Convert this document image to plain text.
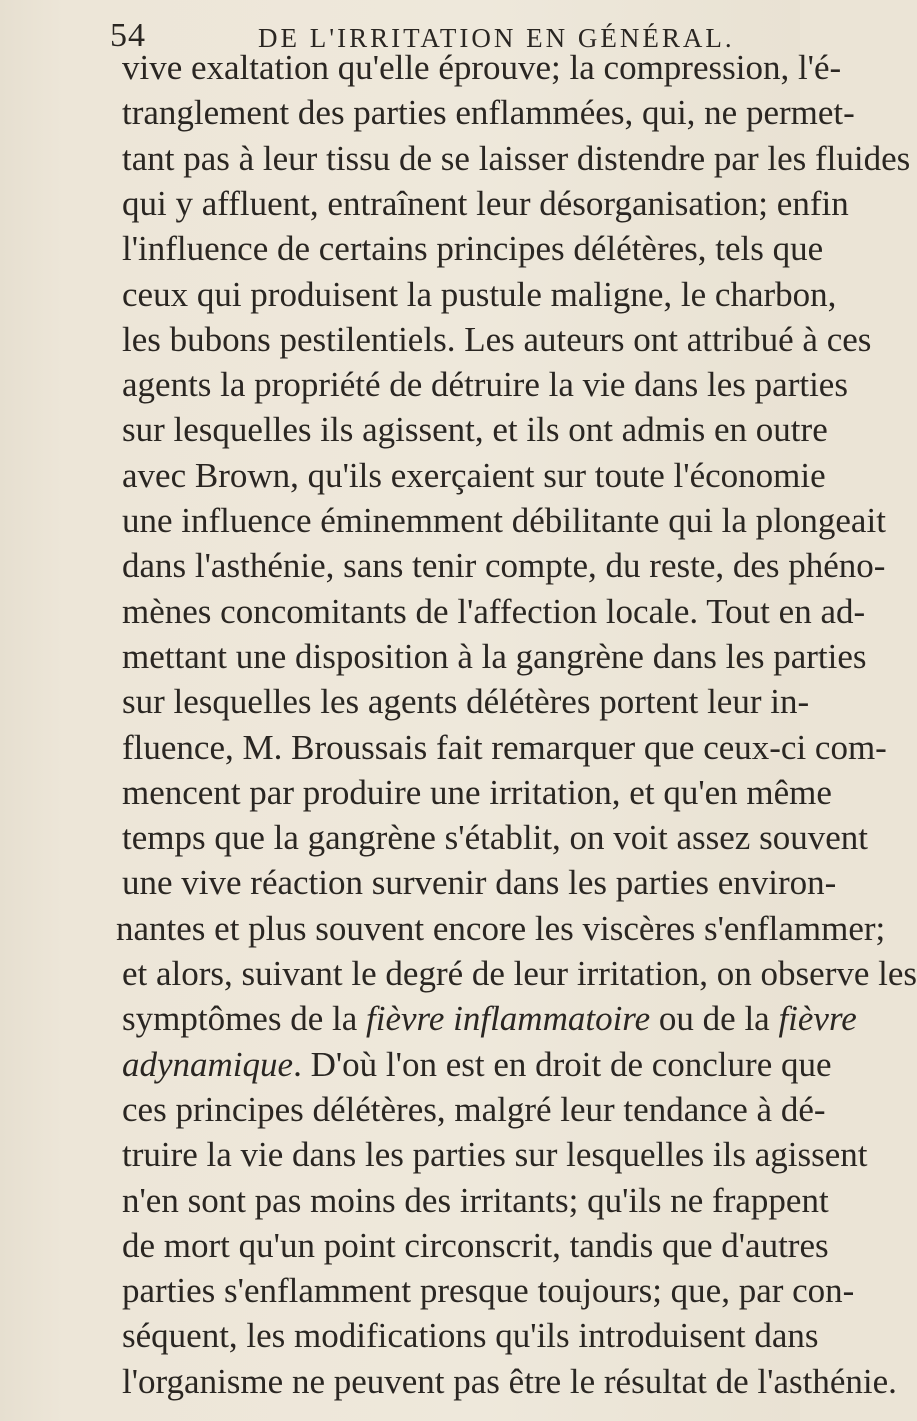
54	DE L'IRRITATION EN GÉNÉRAL.
vive exaltation qu'elle éprouve; la compression, l'é-
tranglement des parties enflammées, qui, ne permet-
tant pas à leur tissu de se laisser distendre par les fluides
qui y affluent, entraînent leur désorganisation; enfin
l'influence de certains principes délétères, tels que
ceux qui produisent la pustule maligne, le charbon,
les bubons pestilentiels. Les auteurs ont attribué à ces
agents la propriété de détruire la vie dans les parties
sur lesquelles ils agissent, et ils ont admis en outre
avec Brown, qu'ils exerçaient sur toute l'économie
une influence éminemment débilitante qui la plongeait
dans l'asthénie, sans tenir compte, du reste, des phéno-
mènes concomitants de l'affection locale. Tout en ad-
mettant une disposition à la gangrène dans les parties
sur lesquelles les agents délétères portent leur in-
fluence, M. Broussais fait remarquer que ceux-ci com-
mencent par produire une irritation, et qu'en même
temps que la gangrène s'établit, on voit assez souvent
une vive réaction survenir dans les parties environ-
nantes et plus souvent encore les viscères s'enflammer;
et alors, suivant le degré de leur irritation, on observe les
symptômes de la fièvre inflammatoire ou de la fièvre
adynamique. D'où l'on est en droit de conclure que
ces principes délétères, malgré leur tendance à dé-
truire la vie dans les parties sur lesquelles ils agissent
n'en sont pas moins des irritants; qu'ils ne frappent
de mort qu'un point circonscrit, tandis que d'autres
parties s'enflamment presque toujours; que, par con-
séquent, les modifications qu'ils introduisent dans
l'organisme ne peuvent pas être le résultat de l'asthénie.
